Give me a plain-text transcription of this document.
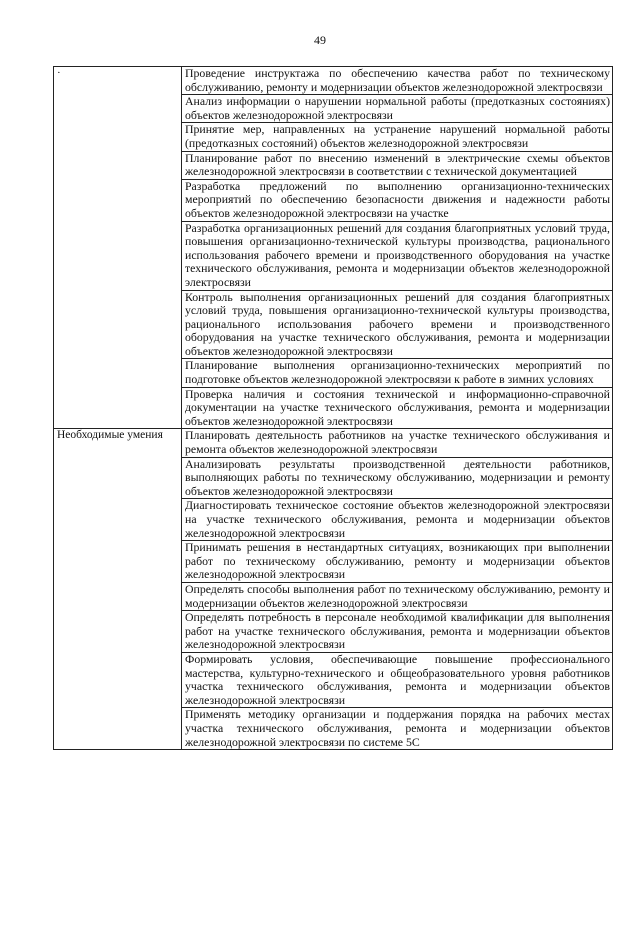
49
·	Проведение инструктажа по обеспечению качества работ по техническому обслуживанию, ремонту и модернизации объектов железнодорожной электросвязи
	Анализ информации о нарушении нормальной работы (предотказных состояниях) объектов железнодорожной электросвязи
	Принятие мер, направленных на устранение нарушений нормальной работы (предотказных состояний) объектов железнодорожной электросвязи
	Планирование работ по внесению изменений в электрические схемы объектов железнодорожной электросвязи в соответствии с технической документацией
	Разработка предложений по выполнению организационно-технических мероприятий по обеспечению безопасности движения и надежности работы объектов железнодорожной электросвязи на участке
	Разработка организационных решений для создания благоприятных условий труда, повышения организационно-технической культуры производства, рационального использования рабочего времени и производственного оборудования на участке технического обслуживания, ремонта и модернизации объектов железнодорожной электросвязи
	Контроль выполнения организационных решений для создания благоприятных условий труда, повышения организационно-технической культуры производства, рационального использования рабочего времени и производственного оборудования на участке технического обслуживания, ремонта и модернизации объектов железнодорожной электросвязи
	Планирование выполнения организационно-технических мероприятий по подготовке объектов железнодорожной электросвязи к работе в зимних условиях
	Проверка наличия и состояния технической и информационно-справочной документации на участке технического обслуживания, ремонта и модернизации объектов железнодорожной электросвязи
Необходимые умения	Планировать деятельность работников на участке технического обслуживания и ремонта объектов железнодорожной электросвязи
	Анализировать результаты производственной деятельности работников, выполняющих работы по техническому обслуживанию, модернизации и ремонту объектов железнодорожной электросвязи
	Диагностировать техническое состояние объектов железнодорожной электросвязи на участке технического обслуживания, ремонта и модернизации объектов железнодорожной электросвязи
	Принимать решения в нестандартных ситуациях, возникающих при выполнении работ по техническому обслуживанию, ремонту и модернизации объектов железнодорожной электросвязи
	Определять способы выполнения работ по техническому обслуживанию, ремонту и модернизации объектов железнодорожной электросвязи
	Определять потребность в персонале необходимой квалификации для выполнения работ на участке технического обслуживания, ремонта и модернизации объектов железнодорожной электросвязи
	Формировать условия, обеспечивающие повышение профессионального мастерства, культурно-технического и общеобразовательного уровня работников участка технического обслуживания, ремонта и модернизации объектов железнодорожной электросвязи
	Применять методику организации и поддержания порядка на рабочих местах участка технического обслуживания, ремонта и модернизации объектов железнодорожной электросвязи по системе 5С
